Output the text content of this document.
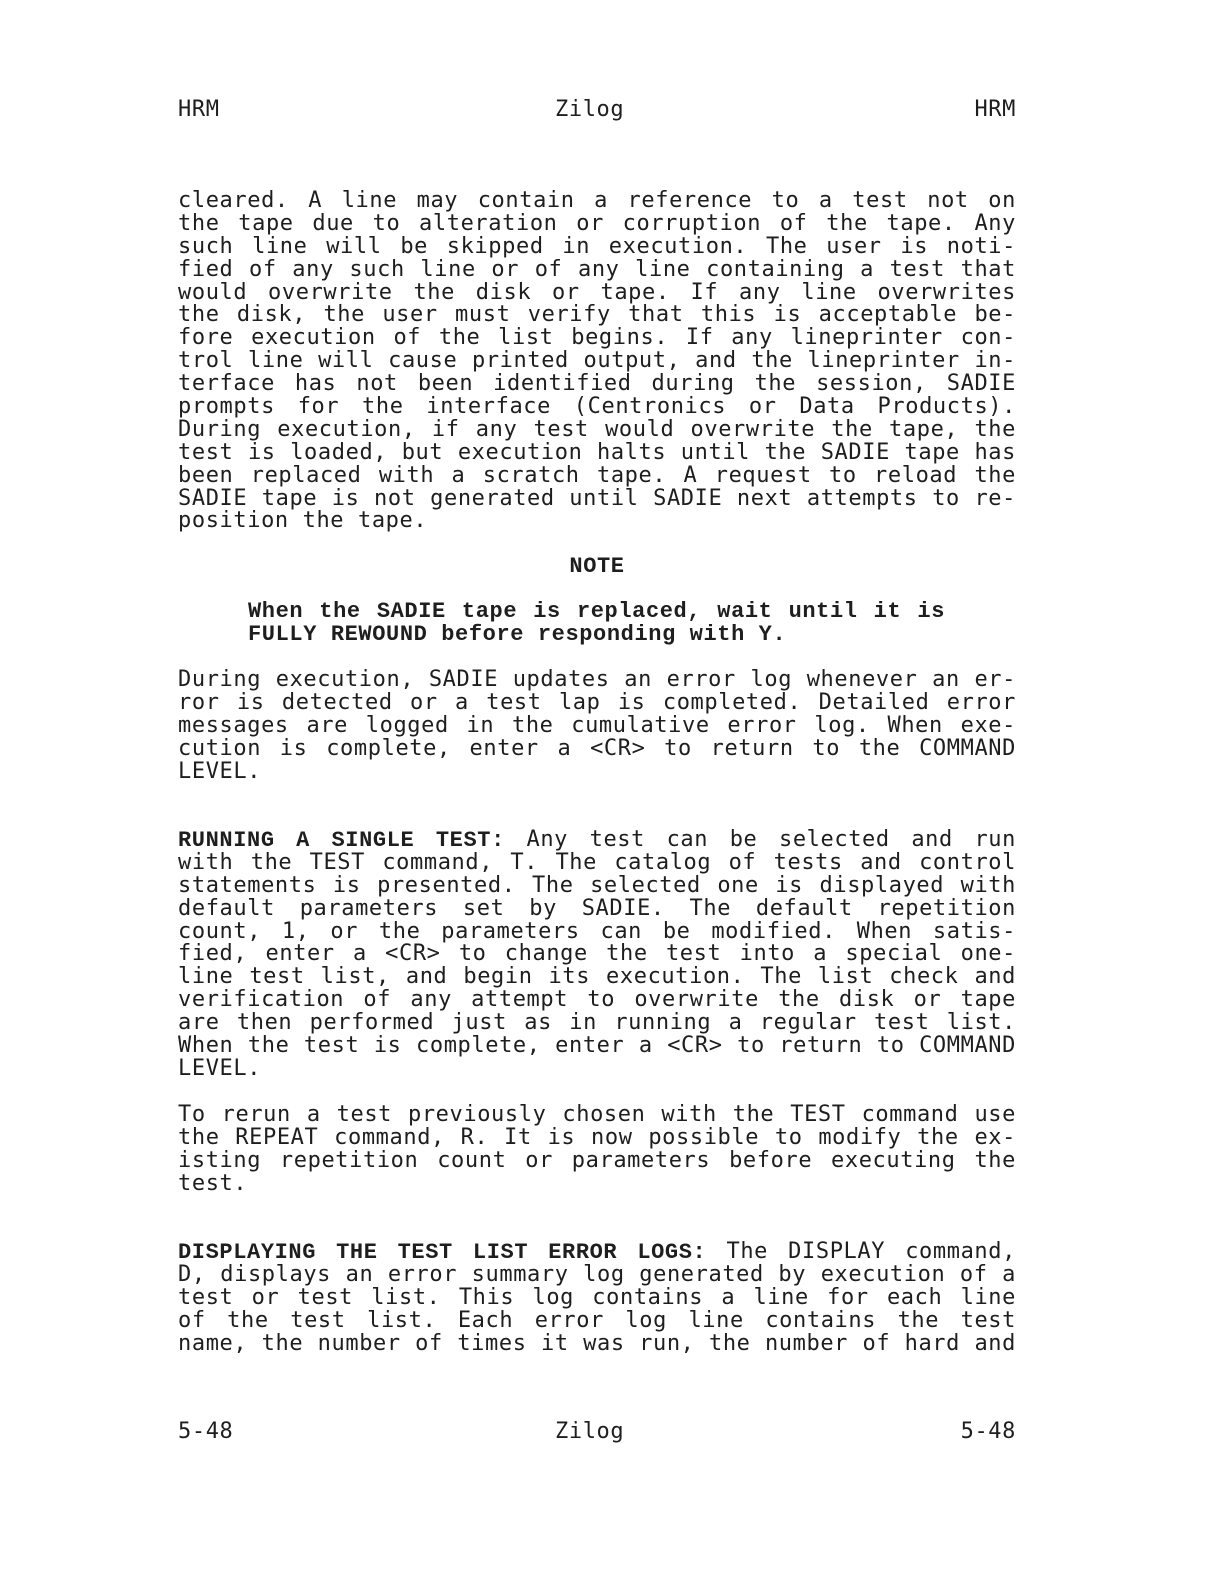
HRM	Zilog	HRM
cleared. A line may contain a reference to a test not on
the tape due to alteration or corruption of the tape. Any
such line will be skipped in execution. The user is noti-
fied of any such line or of any line containing a test that
would overwrite the disk or tape. If any line overwrites
the disk, the user must verify that this is acceptable be-
fore execution of the list begins. If any lineprinter con-
trol line will cause printed output, and the lineprinter in-
terface has not been identified during the session, SADIE
prompts for the interface (Centronics or Data Products).
During execution, if any test would overwrite the tape, the
test is loaded, but execution halts until the SADIE tape has
been replaced with a scratch tape. A request to reload the
SADIE tape is not generated until SADIE next attempts to re-
position the tape.
NOTE
When the SADIE tape is replaced, wait until it is
FULLY REWOUND before responding with Y.
During execution, SADIE updates an error log whenever an er-
ror is detected or a test lap is completed. Detailed error
messages are logged in the cumulative error log. When exe-
cution is complete, enter a <CR> to return to the COMMAND
LEVEL.
RUNNING A SINGLE TEST: Any test can be selected and run
with the TEST command, T. The catalog of tests and control
statements is presented. The selected one is displayed with
default parameters set by SADIE. The default repetition
count, 1, or the parameters can be modified. When satis-
fied, enter a <CR> to change the test into a special one-
line test list, and begin its execution. The list check and
verification of any attempt to overwrite the disk or tape
are then performed just as in running a regular test list.
When the test is complete, enter a <CR> to return to COMMAND
LEVEL.
To rerun a test previously chosen with the TEST command use
the REPEAT command, R. It is now possible to modify the ex-
isting repetition count or parameters before executing the
test.
DISPLAYING THE TEST LIST ERROR LOGS: The DISPLAY command,
D, displays an error summary log generated by execution of a
test or test list. This log contains a line for each line
of the test list. Each error log line contains the test
name, the number of times it was run, the number of hard and
5-48	Zilog	5-48
